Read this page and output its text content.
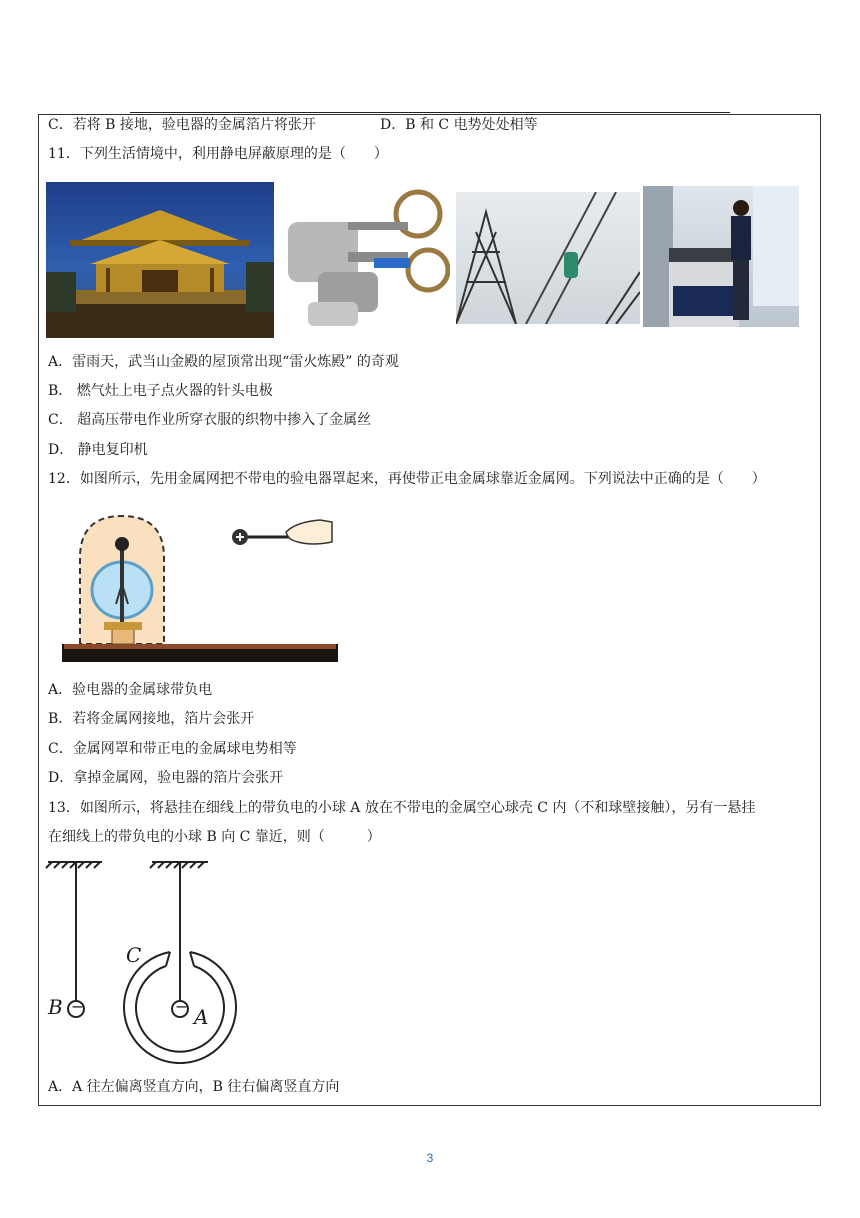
C．若将 B 接地，验电器的金属箔片将张开	D．B 和 C 电势处处相等
11．下列生活情境中，利用静电屏蔽原理的是（　　）
A．雷雨天，武当山金殿的屋顶常出现“雷火炼殿” 的奇观
B． 燃气灶上电子点火器的针头电极
C． 超高压带电作业所穿衣服的织物中掺入了金属丝
D． 静电复印机
12．如图所示，先用金属网把不带电的验电器罩起来，再使带正电金属球靠近金属网。下列说法中正确的是（　　）
A．验电器的金属球带负电
B．若将金属网接地，箔片会张开
C．金属网罩和带正电的金属球电势相等
D．拿掉金属网，验电器的箔片会张开
13．如图所示，将悬挂在细线上的带负电的小球 A 放在不带电的金属空心球壳 C 内（不和球壁接触），另有一悬挂
在细线上的带负电的小球 B 向 C 靠近，则（　　　）
−	−
C
B	A
A．A 往左偏离竖直方向，B 往右偏离竖直方向
3
